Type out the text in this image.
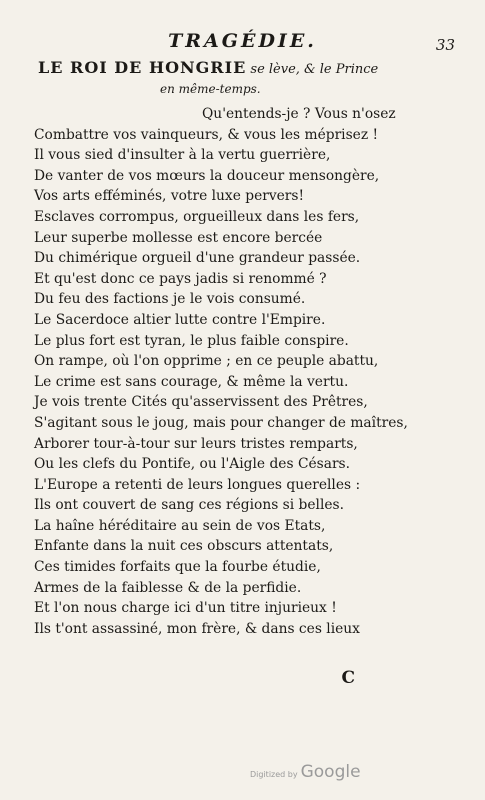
TRAGÉDIE.	33
LE ROI DE HONGRIE se lève, & le Prince
en même-temps.
Qu'entends-je ? Vous n'osez
Combattre vos vainqueurs, & vous les méprisez !
Il vous sied d'insulter à la vertu guerrière,
De vanter de vos mœurs la douceur mensongère,
Vos arts efféminés, votre luxe pervers!
Esclaves corrompus, orgueilleux dans les fers,
Leur superbe mollesse est encore bercée
Du chimérique orgueil d'une grandeur passée.
Et qu'est donc ce pays jadis si renommé ?
Du feu des factions je le vois consumé.
Le Sacerdoce altier lutte contre l'Empire.
Le plus fort est tyran, le plus faible conspire.
On rampe, où l'on opprime ; en ce peuple abattu,
Le crime est sans courage, & même la vertu.
Je vois trente Cités qu'asservissent des Prêtres,
S'agitant sous le joug, mais pour changer de maîtres,
Arborer tour-à-tour sur leurs tristes remparts,
Ou les clefs du Pontife, ou l'Aigle des Césars.
L'Europe a retenti de leurs longues querelles :
Ils ont couvert de sang ces régions si belles.
La haîne héréditaire au sein de vos Etats,
Enfante dans la nuit ces obscurs attentats,
Ces timides forfaits que la fourbe étudie,
Armes de la faiblesse & de la perfidie.
Et l'on nous charge ici d'un titre injurieux !
Ils t'ont assassiné, mon frère, & dans ces lieux
C
Digitized by Google
